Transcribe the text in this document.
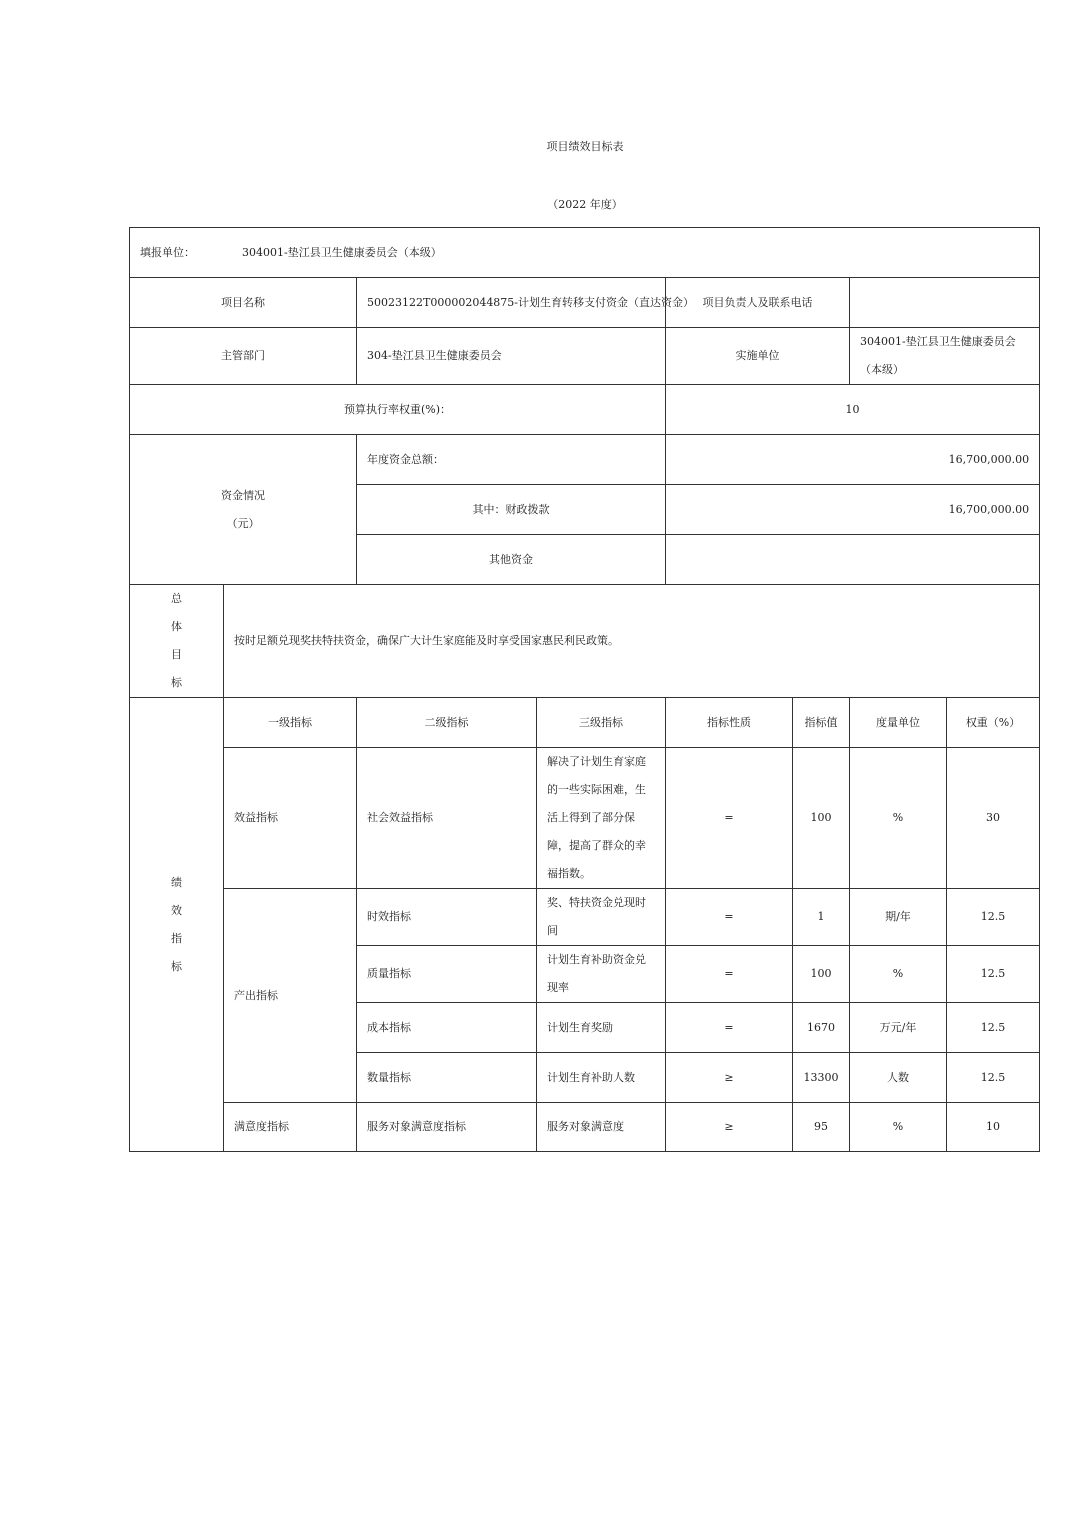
项目绩效目标表
（2022 年度）
填报单位： 304001-垫江县卫生健康委员会（本级）							
项目名称		50023122T000002044875-计划生育转移支付资金（直达资金）		项目负责人及联系电话			
主管部门		304-垫江县卫生健康委员会		实施单位		304001-垫江县卫生健康委员会（本级）	
预算执行率权重(%)：				10			

资金情况
（元）		年度资金总额：		16,700,000.00			
		其中：财政拨款		16,700,000.00			
		其他资金					

总
体
目
标	按时足额兑现奖扶特扶资金，确保广大计生家庭能及时享受国家惠民利民政策。						

绩
效
指
标	一级指标	二级指标	三级指标	指标性质	指标值	度量单位	权重（%）
	效益指标	社会效益指标	解决了计划生育家庭的一些实际困难，生活上得到了部分保障，提高了群众的幸福指数。	=	100	%	30
	产出指标	时效指标	奖、特扶资金兑现时间	=	1	期/年	12.5
		质量指标	计划生育补助资金兑现率	=	100	%	12.5
		成本指标	计划生育奖励	=	1670	万元/年	12.5
		数量指标	计划生育补助人数	≥	13300	人数	12.5
	满意度指标	服务对象满意度指标	服务对象满意度	≥	95	%	10
